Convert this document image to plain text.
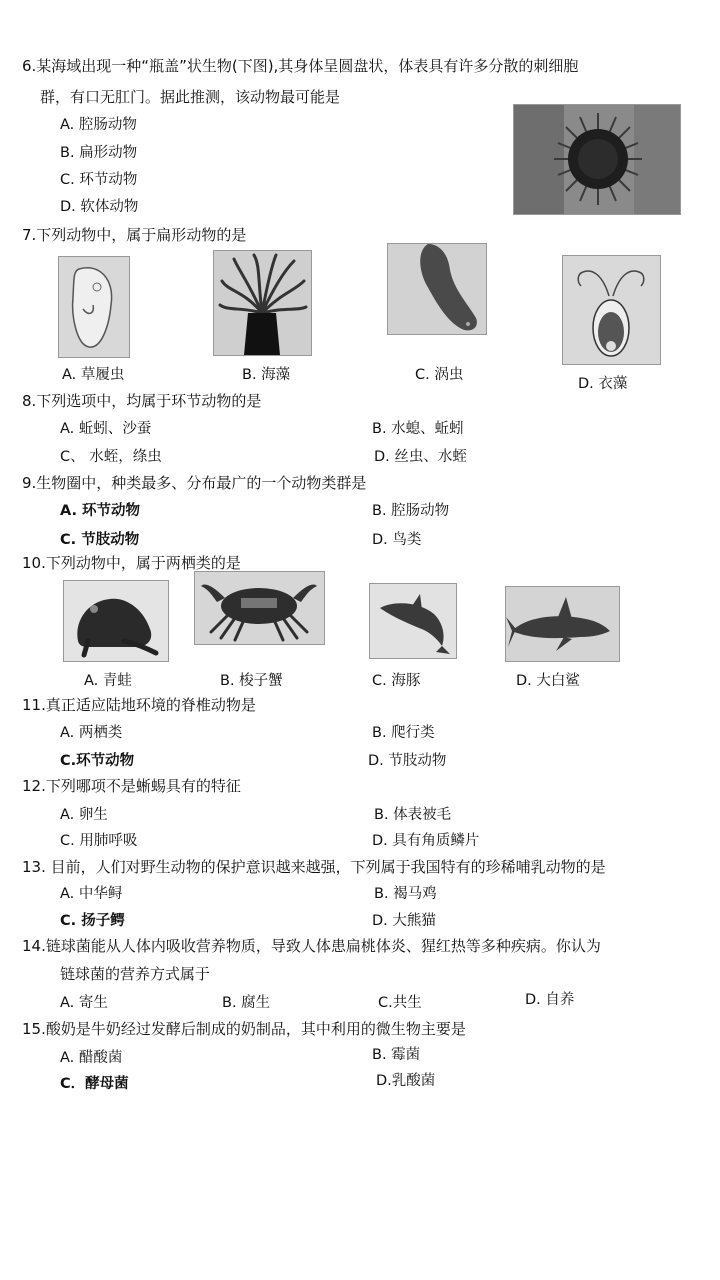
6.某海域出现一种“瓶盖”状生物(下图),其身体呈圆盘状，体表具有许多分散的刺细胞
群，有口无肛门。据此推测，该动物最可能是
A. 腔肠动物
B. 扁形动物
C. 环节动物
D. 软体动物
7.下列动物中，属于扁形动物的是
A. 草履虫	B. 海藻	C. 涡虫
D. 衣藻
8.下列选项中，均属于环节动物的是
A. 蚯蚓、沙蚕	B. 水螅、蚯蚓
C、 水蛭，绦虫	D. 丝虫、水蛭
9.生物圈中，种类最多、分布最广的一个动物类群是
A. 环节动物	B. 腔肠动物
C. 节肢动物	D. 鸟类
10.下列动物中，属于两栖类的是
A. 青蛙	B. 梭子蟹	C. 海豚	D. 大白鲨
11.真正适应陆地环境的脊椎动物是
A. 两栖类	B. 爬行类
C.环节动物	D. 节肢动物
12.下列哪项不是蜥蜴具有的特征
A. 卵生	B. 体表被毛
C. 用肺呼吸	D. 具有角质鳞片
13. 目前，人们对野生动物的保护意识越来越强，下列属于我国特有的珍稀哺乳动物的是
A. 中华鲟	B. 褐马鸡
C. 扬子鳄	D. 大熊猫
14.链球菌能从人体内吸收营养物质，导致人体患扁桃体炎、猩红热等多种疾病。你认为
链球菌的营养方式属于
A. 寄生	B. 腐生	C.共生	D. 自养
15.酸奶是牛奶经过发酵后制成的奶制品，其中利用的微生物主要是
A. 醋酸菌	B. 霉菌
C．酵母菌	D.乳酸菌
